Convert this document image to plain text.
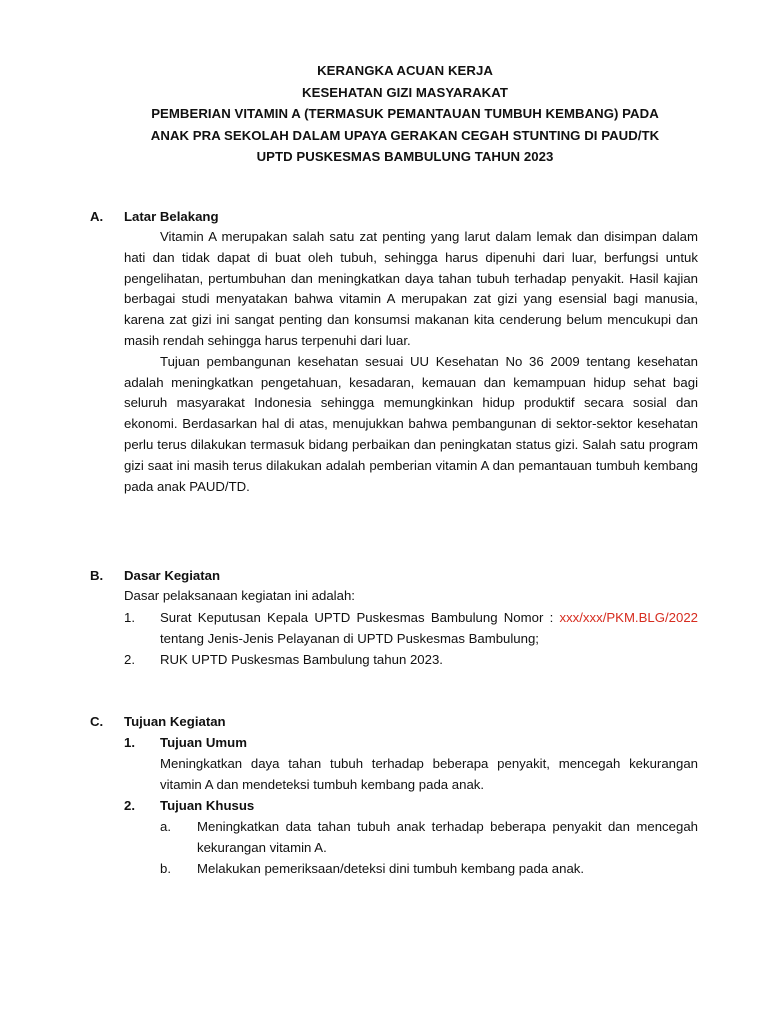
KERANGKA ACUAN KERJA
KESEHATAN GIZI MASYARAKAT
PEMBERIAN VITAMIN A (TERMASUK PEMANTAUAN TUMBUH KEMBANG) PADA
ANAK PRA SEKOLAH DALAM UPAYA GERAKAN CEGAH STUNTING DI PAUD/TK
UPTD PUSKESMAS BAMBULUNG TAHUN 2023
A. Latar Belakang

Vitamin A merupakan salah satu zat penting yang larut dalam lemak dan disimpan dalam hati dan tidak dapat di buat oleh tubuh, sehingga harus dipenuhi dari luar, berfungsi untuk pengelihatan, pertumbuhan dan meningkatkan daya tahan tubuh terhadap penyakit. Hasil kajian berbagai studi menyatakan bahwa vitamin A merupakan zat gizi yang esensial bagi manusia, karena zat gizi ini sangat penting dan konsumsi makanan kita cenderung belum mencukupi dan masih rendah sehingga harus terpenuhi dari luar.

Tujuan pembangunan kesehatan sesuai UU Kesehatan No 36 2009 tentang kesehatan adalah meningkatkan pengetahuan, kesadaran, kemauan dan kemampuan hidup sehat bagi seluruh masyarakat Indonesia sehingga memungkinkan hidup produktif secara sosial dan ekonomi. Berdasarkan hal di atas, menujukkan bahwa pembangunan di sektor-sektor kesehatan perlu terus dilakukan termasuk bidang perbaikan dan peningkatan status gizi. Salah satu program gizi saat ini masih terus dilakukan adalah pemberian vitamin A dan pemantauan tumbuh kembang pada anak PAUD/TD.

B. Dasar Kegiatan

Dasar pelaksanaan kegiatan ini adalah:

1. Surat Keputusan Kepala UPTD Puskesmas Bambulung Nomor : xxx/xxx/PKM.BLG/2022 tentang Jenis-Jenis Pelayanan di UPTD Puskesmas Bambulung;
2. RUK UPTD Puskesmas Bambulung tahun 2023.
C. Tujuan Kegiatan
1. Tujuan Umum
Meningkatkan daya tahan tubuh terhadap beberapa penyakit, mencegah kekurangan vitamin A dan mendeteksi tumbuh kembang pada anak.
2. Tujuan Khusus
a. Meningkatkan data tahan tubuh anak terhadap beberapa penyakit dan mencegah kekurangan vitamin A.
b. Melakukan pemeriksaan/deteksi dini tumbuh kembang pada anak.
